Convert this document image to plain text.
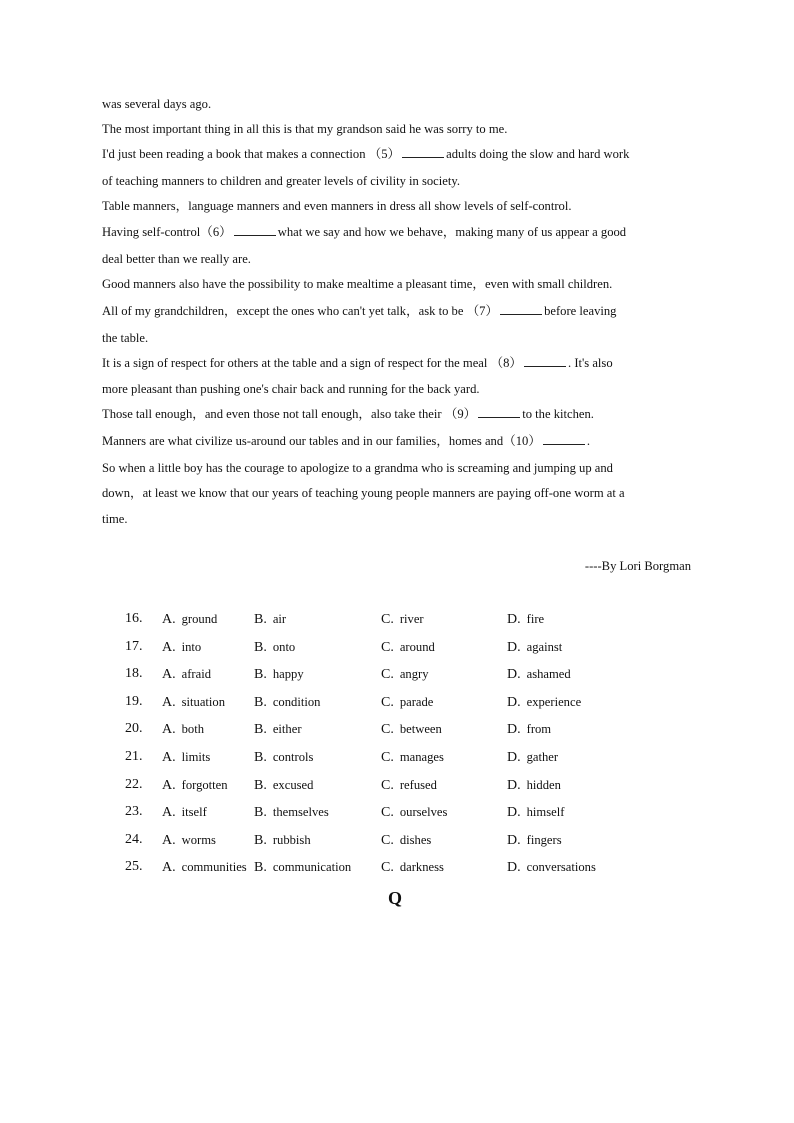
was several days ago.
The most important thing in all this is that my grandson said he was sorry to me.
I'd just been reading a book that makes a connection （5）	adults doing the slow and hard work
of teaching manners to children and greater levels of civility in society.
Table manners，language manners and even manners in dress all show levels of self-control.
Having self-control（6）	what we say and how we behave，making many of us appear a good
deal better than we really are.
Good manners also have the possibility to make mealtime a pleasant time，even with small children.
All of my grandchildren，except the ones who can't yet talk，ask to be （7）	before leaving
the table.
It is a sign of respect for others at the table and a sign of respect for the meal （8）	. It's also
more pleasant than pushing one's chair back and running for the back yard.
Those tall enough，and even those not tall enough，also take their （9）	to the kitchen.
Manners are what civilize us-around our tables and in our families，homes and（10）	.
So when a little boy has the courage to apologize to a grandma who is screaming and jumping up and
down，at least we know that our years of teaching young people manners are paying off-one worm at a
time.
----By Lori Borgman
16.	A. ground	B. air	C. river	D. fire
17.	A. into	B. onto	C. around	D. against
18.	A. afraid	B. happy	C. angry	D. ashamed
19.	A. situation B. condition	C. parade	D. experience
20.	A. both	B. either	C. between	D. from
21.	A. limits	B. controls	C. manages	D. gather
22.	A. forgotten B. excused	C. refused	D. hidden
23.	A. itself	B. themselves	C. ourselves	D. himself
24.	A. worms	B. rubbish	C. dishes	D. fingers
25.	A. communities B. communication C. darkness	D. conversations
Q
